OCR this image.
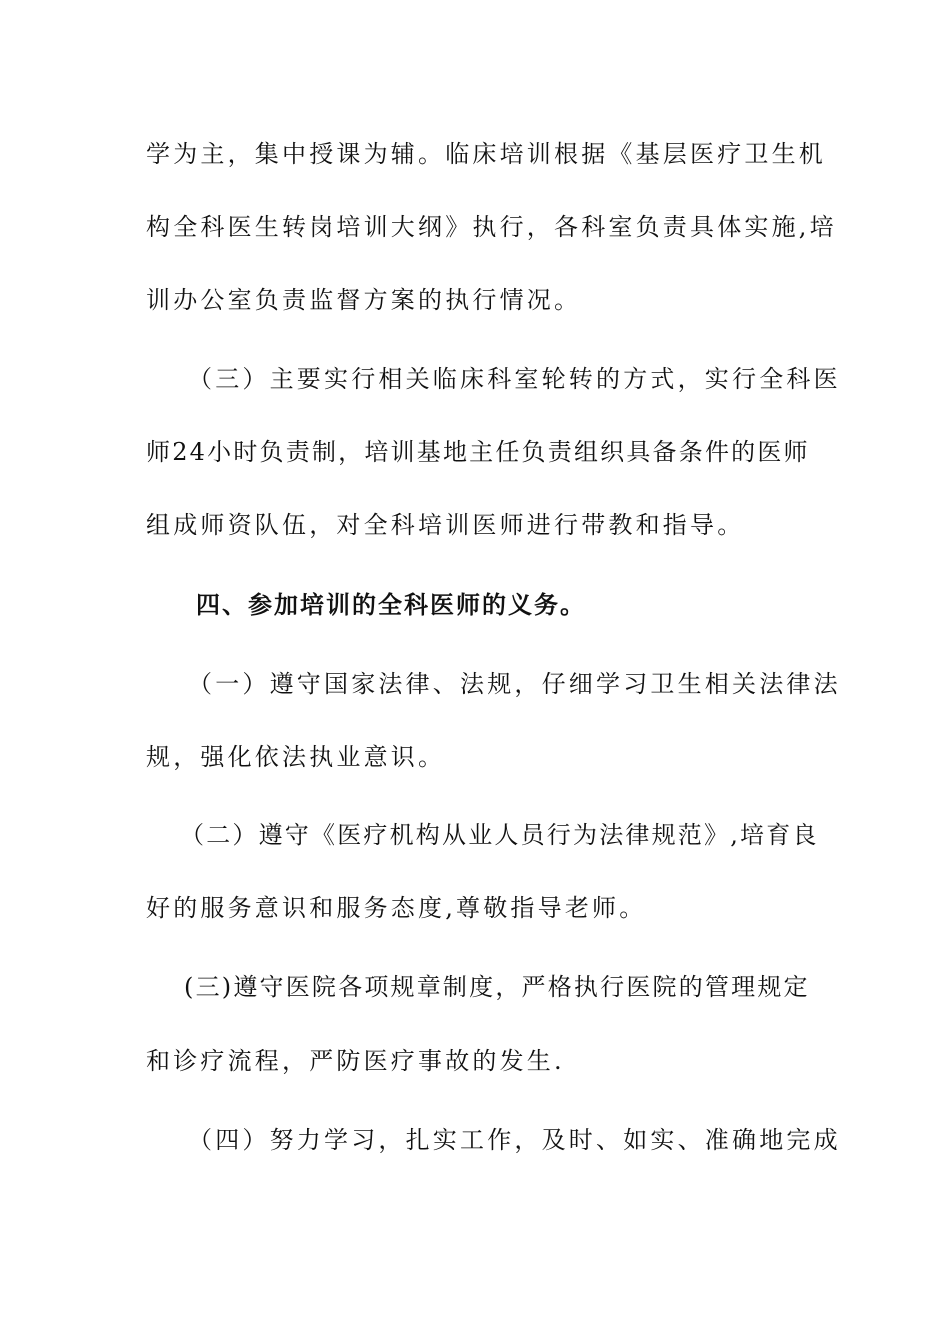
学为主，集中授课为辅。临床培训根据《基层医疗卫生机
构全科医生转岗培训大纲》执行，各科室负责具体实施,培
训办公室负责监督方案的执行情况。
（三）主要实行相关临床科室轮转的方式，实行全科医
师24小时负责制，培训基地主任负责组织具备条件的医师
组成师资队伍，对全科培训医师进行带教和指导。
四、参加培训的全科医师的义务。
（一）遵守国家法律、法规，仔细学习卫生相关法律法
规，强化依法执业意识。
（二）遵守《医疗机构从业人员行为法律规范》,培育良
好的服务意识和服务态度,尊敬指导老师。
(三)遵守医院各项规章制度，严格执行医院的管理规定
和诊疗流程，严防医疗事故的发生.
（四）努力学习，扎实工作，及时、如实、准确地完成
